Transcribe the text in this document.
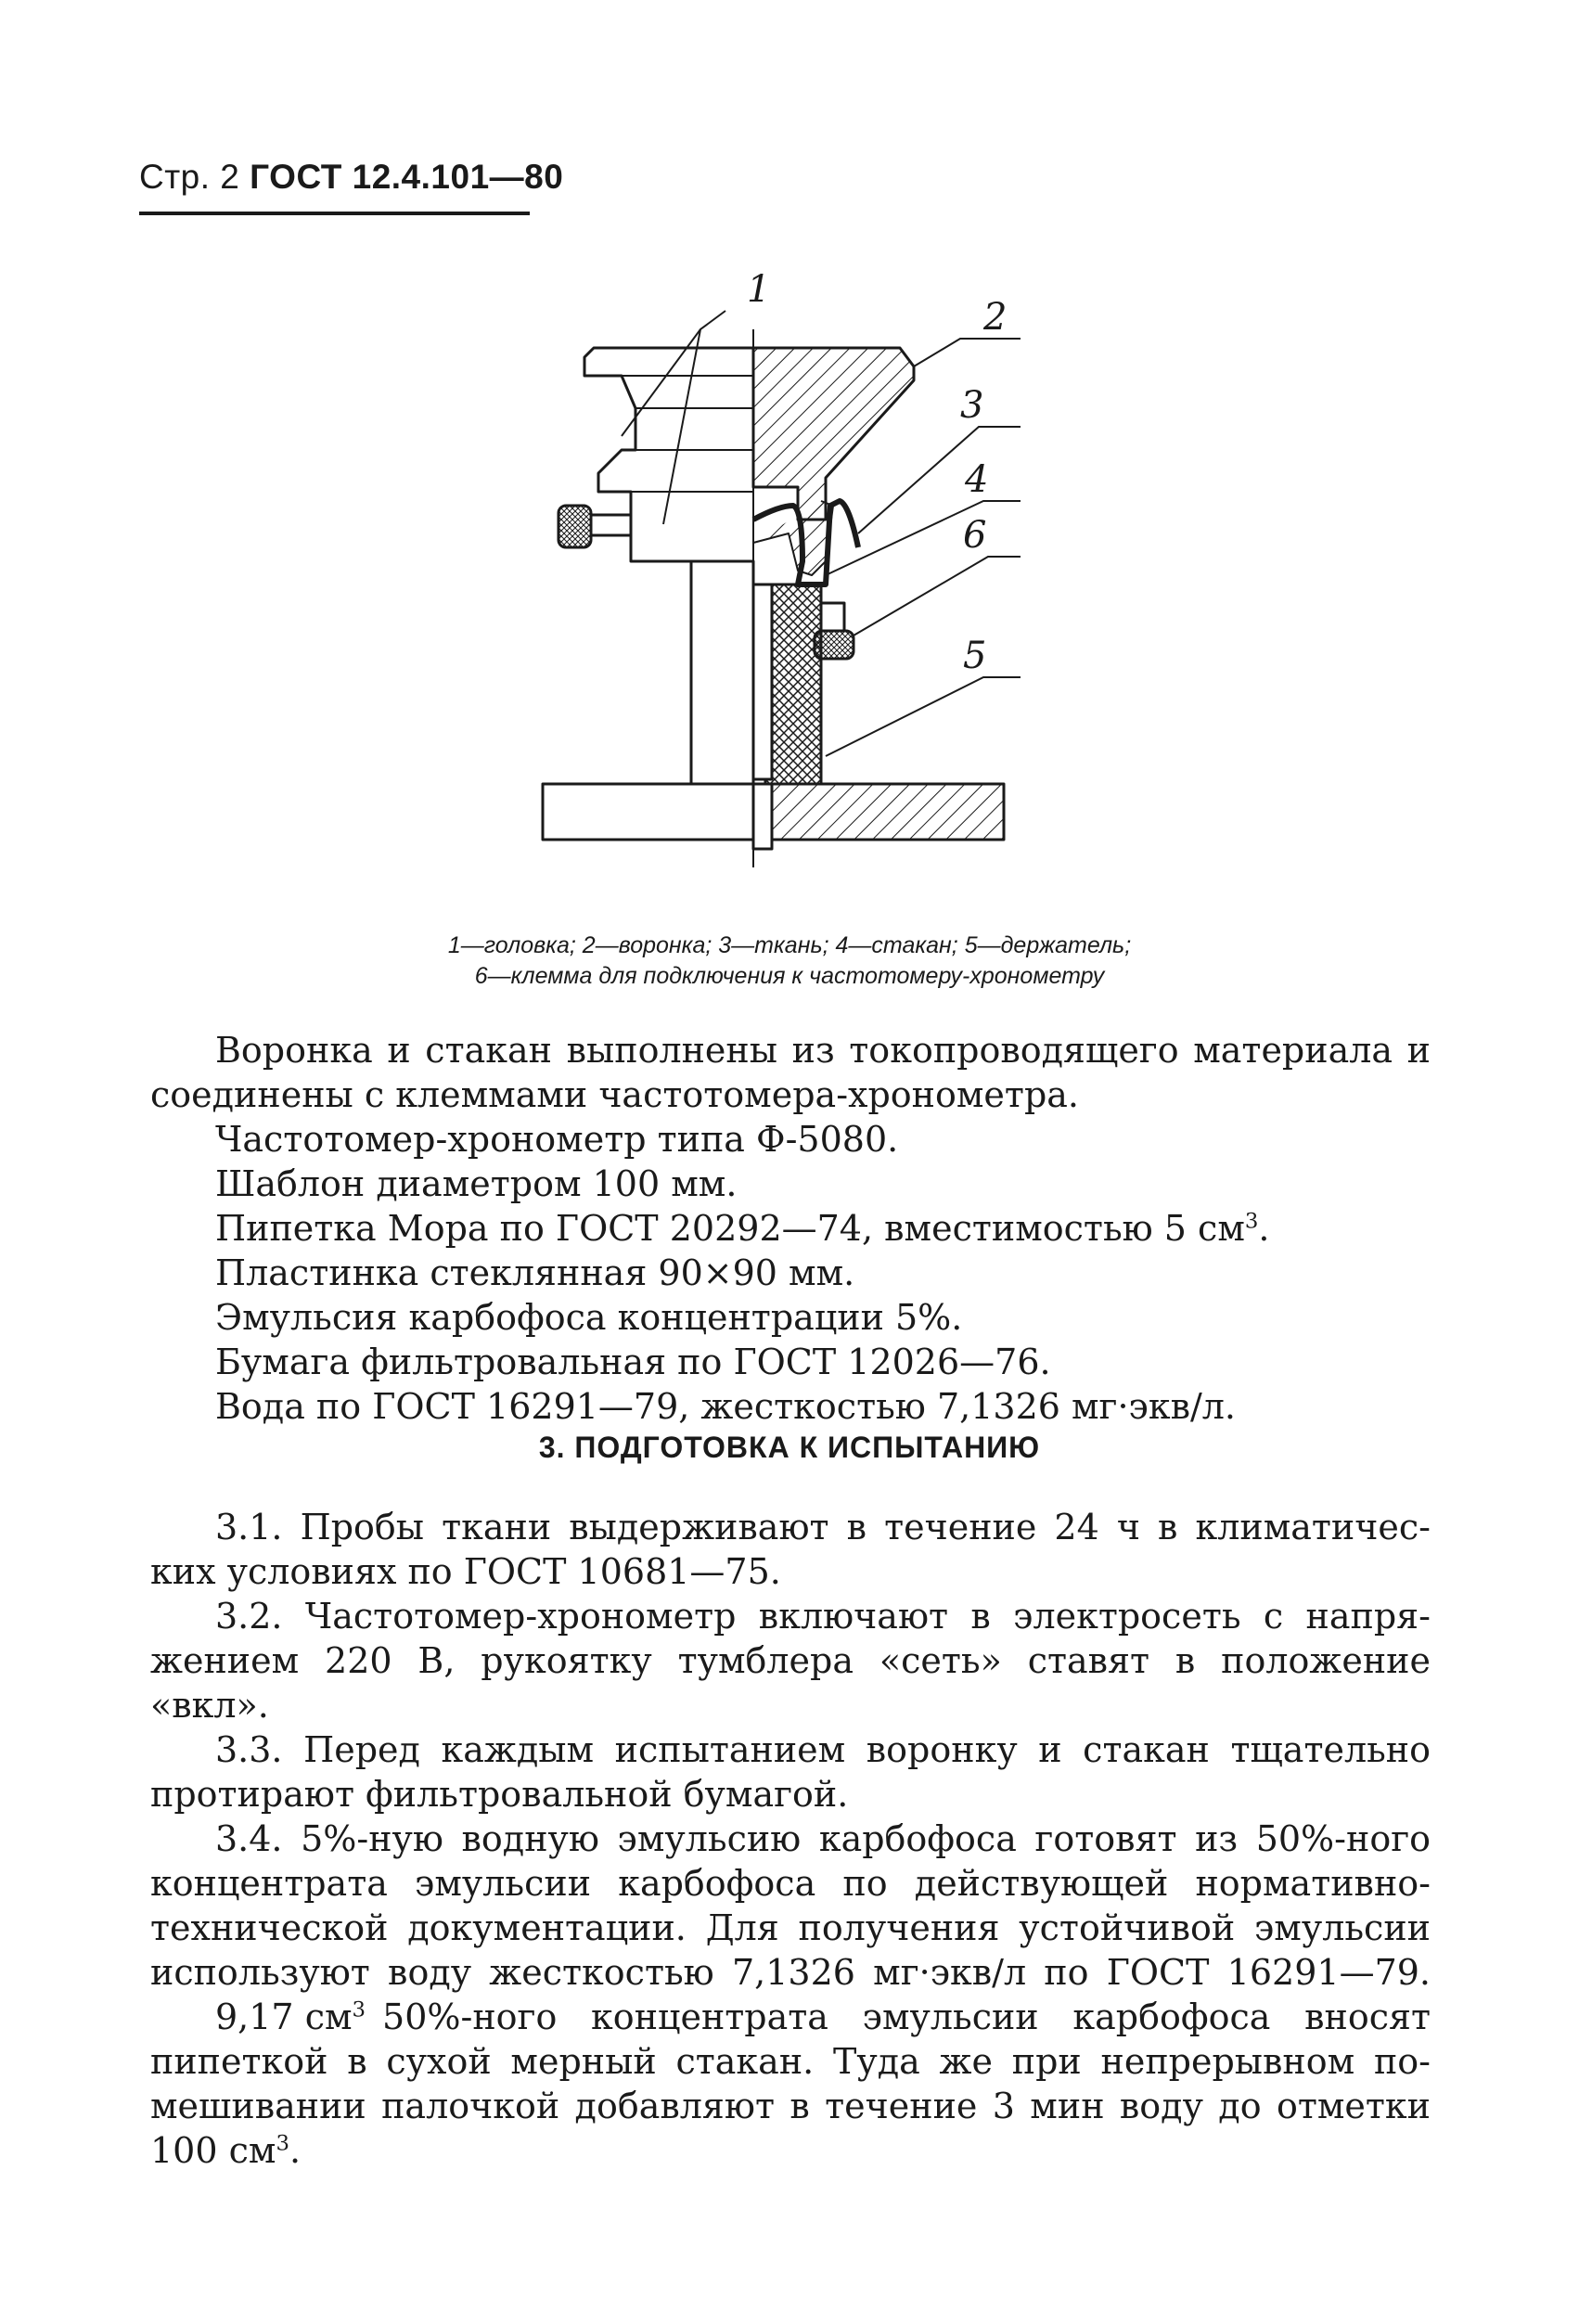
Стр. 2 ГОСТ 12.4.101—80
1
2
3
4
6
5
1—головка; 2—воронка; 3—ткань; 4—стакан; 5—держатель;
6—клемма для подключения к частотомеру-хронометру
Воронка и стакан выполнены из токопроводящего материала и
соединены с клеммами частотомера-хронометра.
Частотомер-хронометр типа Ф-5080.
Шаблон диаметром 100 мм.
Пипетка Мора по ГОСТ 20292—74, вместимостью 5 $см^3$.
Пластинка стеклянная 90×90 мм.
Эмульсия карбофоса концентрации 5%.
Бумага фильтровальная по ГОСТ 12026—76.
Вода по ГОСТ 16291—79, жесткостью 7,1326 мг·экв/л.
3. ПОДГОТОВКА К ИСПЫТАНИЮ
3.1. Пробы ткани выдерживают в течение 24 ч в климатичес-
ких условиях по ГОСТ 10681—75.
3.2. Частотомер-хронометр включают в электросеть с напря-
жением 220 В, рукоятку тумблера «сеть» ставят в положение
«вкл».
3.3. Перед каждым испытанием воронку и стакан тщательно
протирают фильтровальной бумагой.
3.4. 5%-ную водную эмульсию карбофоса готовят из 50%-ного
концентрата эмульсии карбофоса по действующей нормативно-
технической документации. Для получения устойчивой эмульсии
используют воду жесткостью 7,1326 мг·экв/л по ГОСТ 16291—79.
9,17 $см^3$ 50%-ного концентрата эмульсии карбофоса вносят
пипеткой в сухой мерный стакан. Туда же при непрерывном по-
мешивании палочкой добавляют в течение 3 мин воду до отметки
100 $см^3$.
